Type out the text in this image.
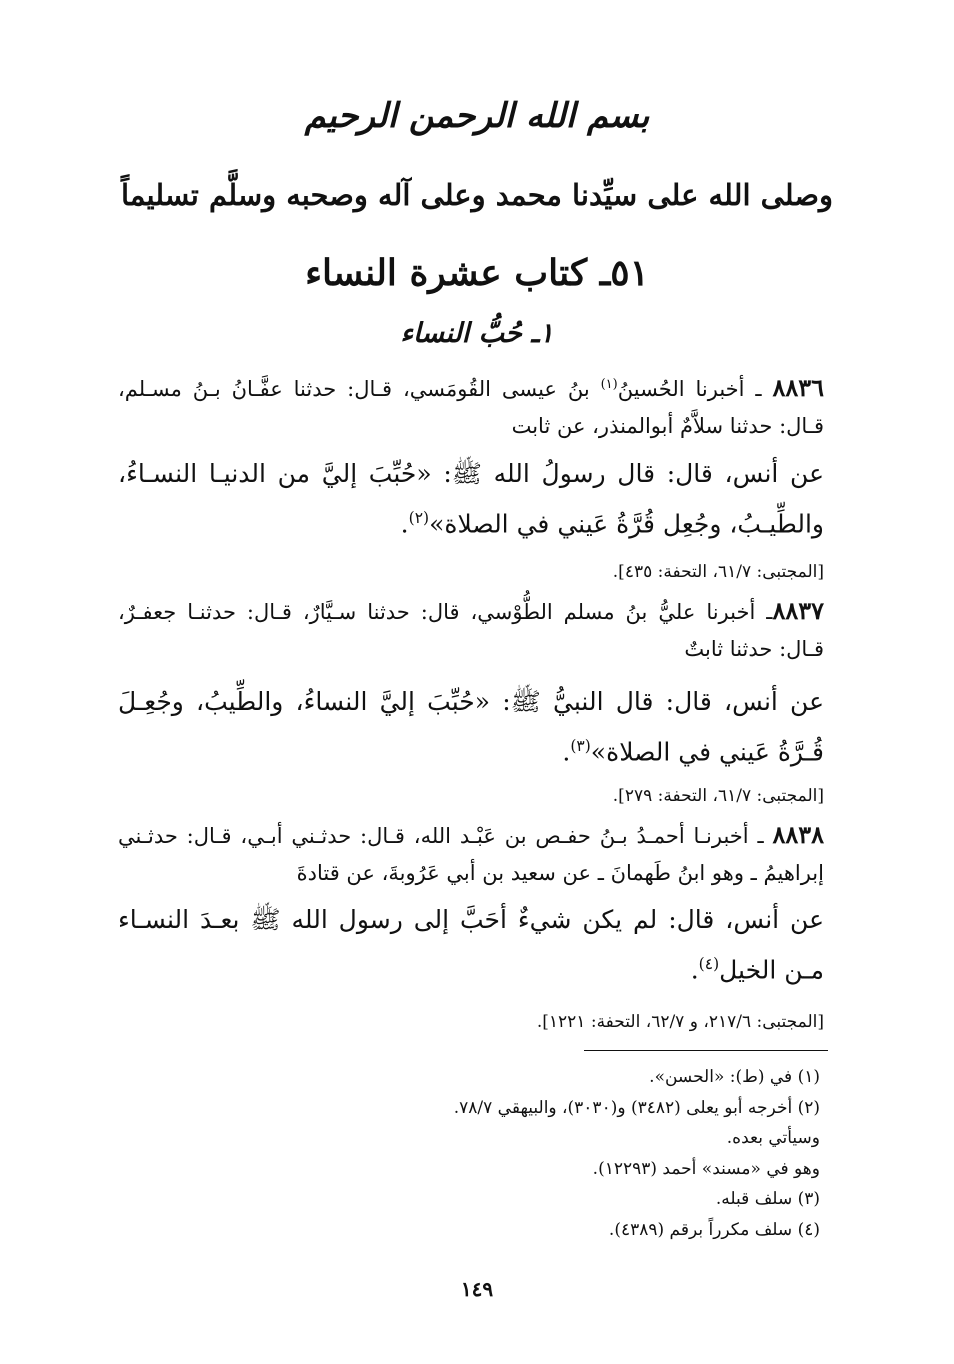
بسم الله الرحمن الرحيم
وصلى الله على سيِّدنا محمد وعلى آله وصحبه وسلَّم تسليماً
٥١ـ كتاب عشرة النساء
١ـ حُبُّ النساء
٨٨٣٦ ـ أخبرنا الحُسينُ$^{(١)}$ بنُ عيسى القُومَسي، قـال: حدثنا عفَّـانُ بـنُ مسـلم، قـال: حدثنا سلاَّمٌ أبوالمنذر، عن ثابت
عن أنس، قال: قال رسولُ الله ﷺ: «حُبِّبَ إليَّ من الدنيـا النسـاءُ، والطِّيـبُ، وجُعِل قُرَّةُ عَيني في الصلاة»$^{(٢)}$.
[المجتبى: ٦١/٧، التحفة: ٤٣٥].
٨٨٣٧ـ أخبرنا عليُّ بنُ مسلم الطُّوْسي، قال: حدثنا سـيَّارٌ، قـال: حدثنـا جعفـرٌ، قـال: حدثنا ثابتٌ
عن أنس، قال: قال النبيُّ ﷺ: «حُبِّبَ إليَّ النساءُ، والطِّيبُ، وجُعِـلَ قُـرَّةُ عَيني في الصلاة»$^{(٣)}$.
[المجتبى: ٦١/٧، التحفة: ٢٧٩].
٨٨٣٨ ـ أخبرنـا أحمـدُ بـنُ حفـص بن عَبْـد الله، قـال: حدثـني أبـي، قـال: حدثـني إبراهيمُ ـ وهو ابنُ طَهمانَ ـ عن سعيد بن أبي عَرُوبةَ، عن قتادةَ
عن أنس، قال: لم يكن شيءٌ أحَبَّ إلى رسول الله ﷺ بعـدَ النسـاء مـن الخيل$^{(٤)}$.
[المجتبى: ٢١٧/٦، و ٦٢/٧، التحفة: ١٢٢١].
(١) في (ط): «الحسن».
(٢) أخرجه أبو يعلى (٣٤٨٢) و(٣٠٣٠)، والبيهقي ٧٨/٧.
وسيأتي بعده.
وهو في «مسند» أحمد (١٢٢٩٣).
(٣) سلف قبله.
(٤) سلف مكرراً برقم (٤٣٨٩).
١٤٩
